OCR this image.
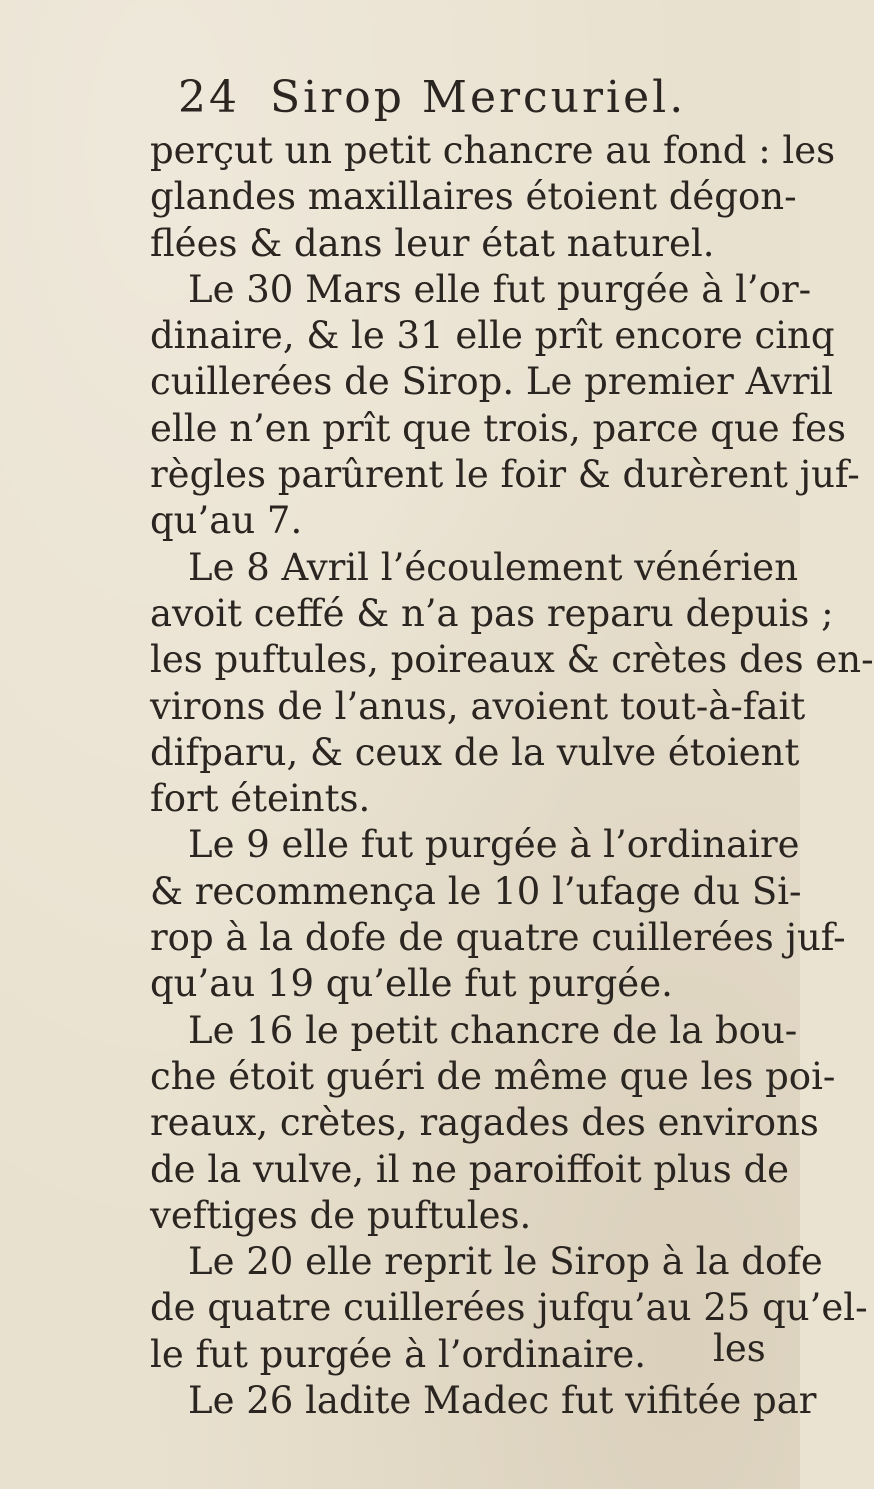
24 Sirop Mercuriel.
perçut un petit chancre au fond : les
glandes maxillaires étoient dégon-
flées & dans leur état naturel.
Le 30 Mars elle fut purgée à l’or-
dinaire, & le 31 elle prît encore cinq
cuillerées de Sirop. Le premier Avril
elle n’en prît que trois, parce que fes
règles parûrent le foir & durèrent juf-
qu’au 7.
Le 8 Avril l’écoulement vénérien
avoit ceffé & n’a pas reparu depuis ;
les puftules, poireaux & crètes des en-
virons de l’anus, avoient tout-à-fait
difparu, & ceux de la vulve étoient
fort éteints.
Le 9 elle fut purgée à l’ordinaire
& recommença le 10 l’ufage du Si-
rop à la dofe de quatre cuillerées juf-
qu’au 19 qu’elle fut purgée.
Le 16 le petit chancre de la bou-
che étoit guéri de même que les poi-
reaux, crètes, ragades des environs
de la vulve, il ne paroiffoit plus de
veftiges de puftules.
Le 20 elle reprit le Sirop à la dofe
de quatre cuillerées jufqu’au 25 qu’el-
le fut purgée à l’ordinaire.
Le 26 ladite Madec fut vifitée par
les
